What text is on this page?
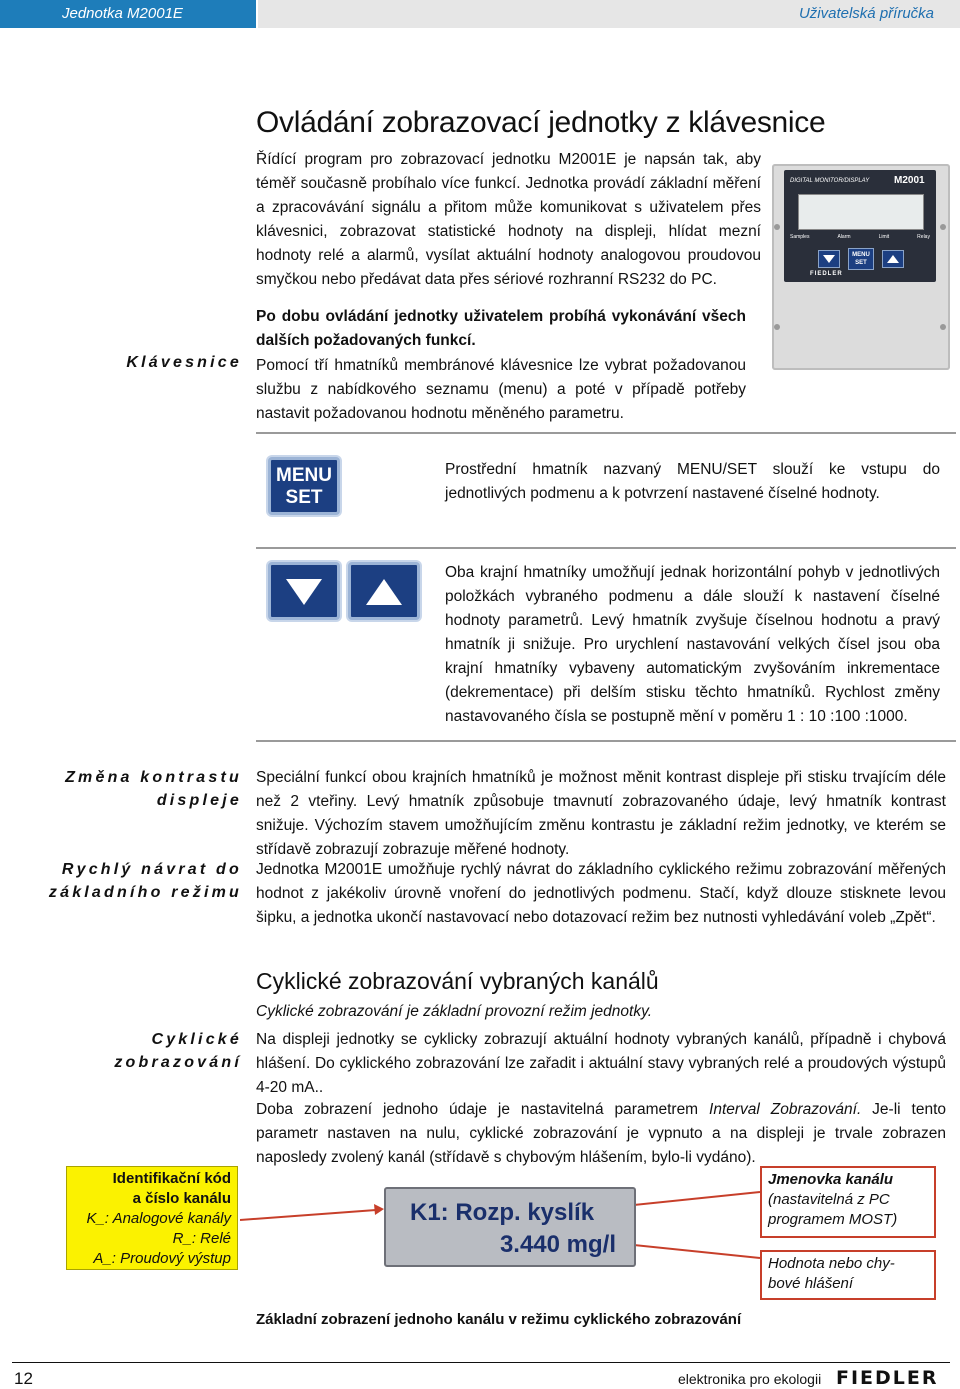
Jednotka M2001E	Uživatelská příručka
Ovládání zobrazovací jednotky z klávesnice

Řídící program pro zobrazovací jednotku M2001E je napsán tak, aby téměř současně probíhalo více funkcí. Jednotka provádí základní měření a zpracovávání signálu a přitom může komunikovat s uživatelem přes klávesnici, zobrazovat statistické hodnoty na displeji, hlídat mezní hodnoty relé a alarmů, vysílat aktuální hodnoty analogovou proudovou smyčkou nebo předávat data přes sériové rozhranní RS232 do PC.

Po dobu ovládání jednotky uživatelem probíhá vykonávání všech dalších požadovaných funkcí.

Klávesnice Pomocí tří hmatníků membránové klávesnice lze vybrat požadovanou službu z nabídkového seznamu (menu) a poté v případě potřeby nastavit požadovanou hodnotu měněného parametru.

DIGITAL MONITOR/DISPLAY M2001
Samples	Alarm	Limit	Relay
MENU
SET
FIEDLER
MENU
SET

Prostřední hmatník nazvaný MENU/SET slouží ke vstupu do jednotlivých podmenu a k potvrzení nastavené číselné hodnoty.

Oba krajní hmatníky umožňují jednak horizontální pohyb v jednotlivých položkách vybraného podmenu a dále slouží k nastavení číselné hodnoty parametrů. Levý hmatník zvyšuje číselnou hodnotu a pravý hmatník ji snižuje. Pro urychlení nastavování velkých čísel jsou oba krajní hmatníky vybaveny automatickým zvyšováním inkrementace (dekrementace) při delším stisku těchto hmatníků. Rychlost změny nastavovaného čísla se postupně mění v poměru 1 : 10 :100 :1000.

Změna kontrastu displeje

Speciální funkcí obou krajních hmatníků je možnost měnit kontrast displeje při stisku trvajícím déle než 2 vteřiny. Levý hmatník způsobuje tmavnutí zobrazovaného údaje, levý hmatník kontrast snižuje. Výchozím stavem umožňujícím změnu kontrastu je základní režim jednotky, ve kterém se střídavě zobrazují zobrazuje měřené hodnoty.

Rychlý návrat do základního režimu

Jednotka M2001E umožňuje rychlý návrat do základního cyklického režimu zobrazování měřených hodnot z jakékoliv úrovně vnoření do jednotlivých podmenu. Stačí, když dlouze stisknete levou šipku, a jednotka ukončí nastavovací nebo dotazovací režim bez nutnosti vyhledávání voleb „Zpět“.

Cyklické zobrazování vybraných kanálů
Cyklické zobrazování je základní provozní režim jednotky.
Cyklické zobrazování

Na displeji jednotky se cyklicky zobrazují aktuální hodnoty vybraných kanálů, případně i chybová hlášení. Do cyklického zobrazování lze zařadit i aktuální stavy vybraných relé a proudových výstupů 4-20 mA..

Doba zobrazení jednoho údaje je nastavitelná parametrem Interval Zobrazování. Je-li tento parametr nastaven na nulu, cyklické zobrazování je vypnuto a na displeji je trvale zobrazen naposledy zvolený kanál (střídavě s chybovým hlášením, bylo-li vydáno).

Identifikační kód
a číslo kanálu
K_: Analogové kanály
R_: Relé
A_: Proudový výstup
K1: Rozp. kyslík
3.440 mg/l
Jmenovka kanálu
(nastavitelná z PC
programem MOST)
Hodnota nebo chy-
bové hlášení
Základní zobrazení jednoho kanálu v režimu cyklického zobrazování
12	elektronika pro ekologii FIEDLER
